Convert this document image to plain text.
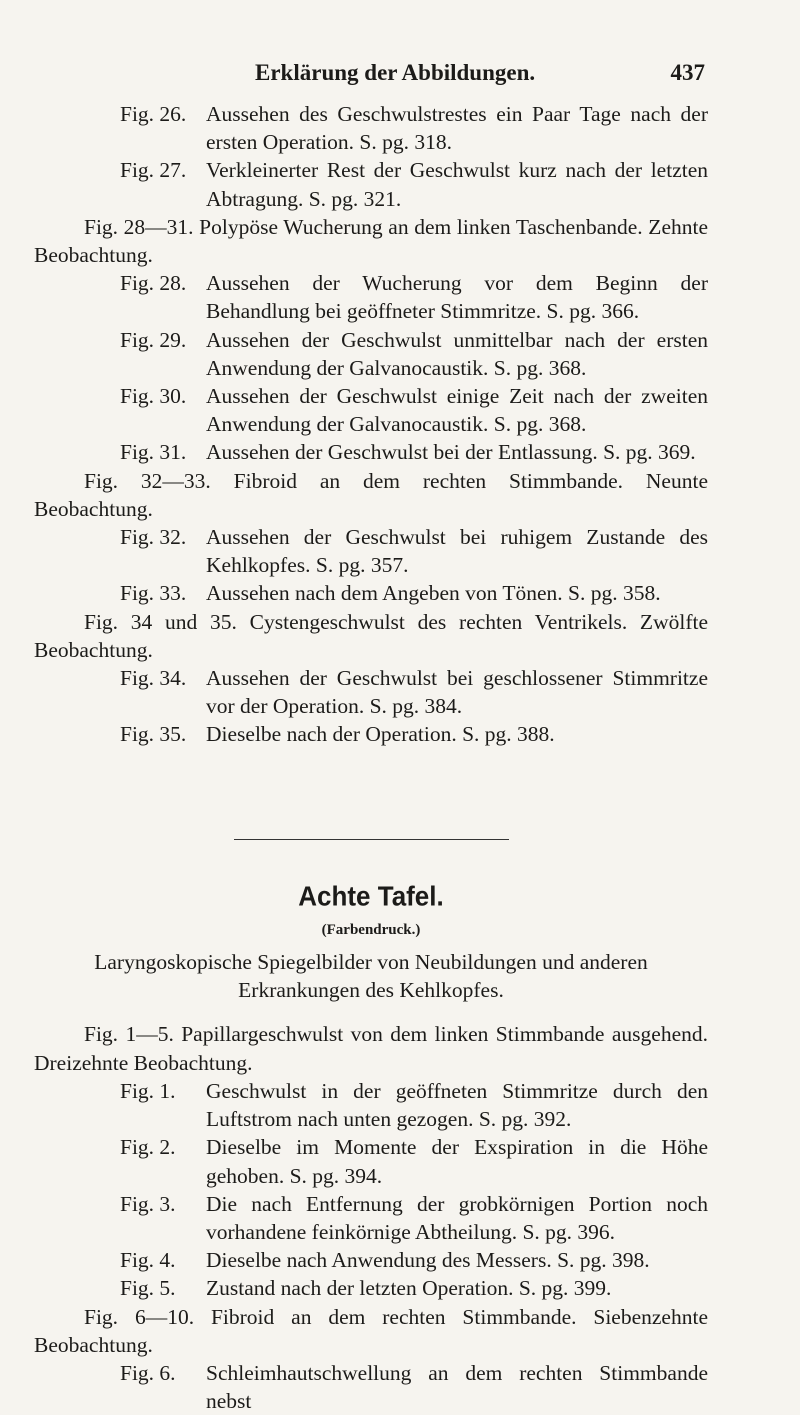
Erklärung der Abbildungen.	437
Fig. 26. Aussehen des Geschwulstrestes ein Paar Tage nach der ersten Operation. S. pg. 318.
Fig. 27. Verkleinerter Rest der Geschwulst kurz nach der letzten Abtragung. S. pg. 321.
Fig. 28—31. Polypöse Wucherung an dem linken Taschenbande. Zehnte Beobachtung.
Fig. 28. Aussehen der Wucherung vor dem Beginn der Behandlung bei geöffneter Stimmritze. S. pg. 366.
Fig. 29. Aussehen der Geschwulst unmittelbar nach der ersten Anwendung der Galvanocaustik. S. pg. 368.
Fig. 30. Aussehen der Geschwulst einige Zeit nach der zweiten Anwendung der Galvanocaustik. S. pg. 368.
Fig. 31. Aussehen der Geschwulst bei der Entlassung. S. pg. 369.
Fig. 32—33. Fibroid an dem rechten Stimmbande. Neunte Beobachtung.
Fig. 32. Aussehen der Geschwulst bei ruhigem Zustande des Kehlkopfes. S. pg. 357.
Fig. 33. Aussehen nach dem Angeben von Tönen. S. pg. 358.
Fig. 34 und 35. Cystengeschwulst des rechten Ventrikels. Zwölfte Beobachtung.
Fig. 34. Aussehen der Geschwulst bei geschlossener Stimmritze vor der Operation. S. pg. 384.
Fig. 35. Dieselbe nach der Operation. S. pg. 388.
Achte Tafel.
(Farbendruck.)
Laryngoskopische Spiegelbilder von Neubildungen und anderen Erkrankungen des Kehlkopfes.
Fig. 1—5. Papillargeschwulst von dem linken Stimmbande ausgehend. Dreizehnte Beobachtung.
Fig. 1.	Geschwulst in der geöffneten Stimmritze durch den Luftstrom nach unten gezogen. S. pg. 392.
Fig. 2.	Dieselbe im Momente der Exspiration in die Höhe gehoben. S. pg. 394.
Fig. 3.	Die nach Entfernung der grobkörnigen Portion noch vorhandene feinkörnige Abtheilung. S. pg. 396.
Fig. 4.	Dieselbe nach Anwendung des Messers. S. pg. 398.
Fig. 5.	Zustand nach der letzten Operation. S. pg. 399.
Fig. 6—10. Fibroid an dem rechten Stimmbande. Siebenzehnte Beobachtung.
Fig. 6.	Schleimhautschwellung an dem rechten Stimmbande nebst
